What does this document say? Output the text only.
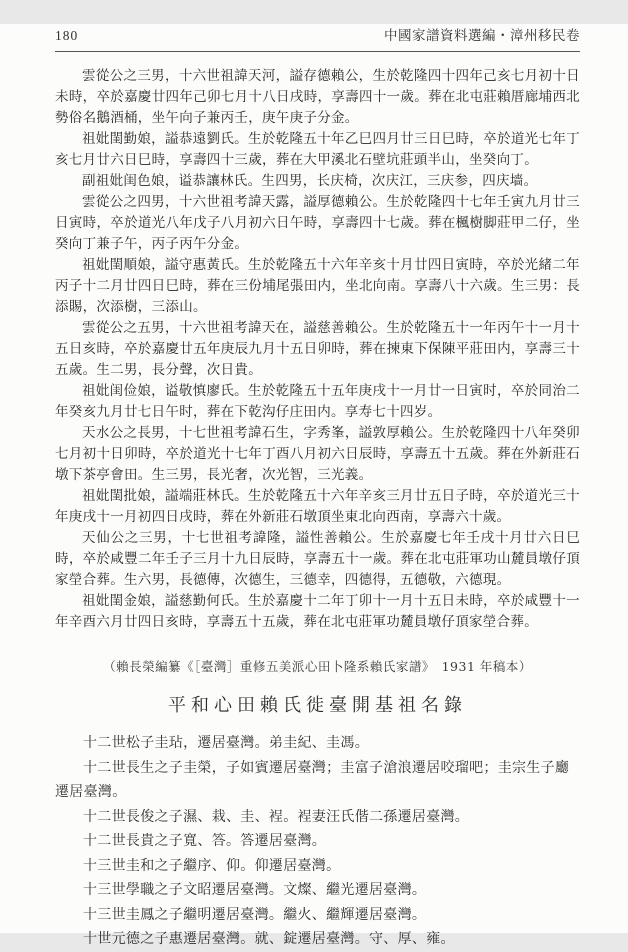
180	中國家譜資料選編・漳州移民卷

雲從公之三男，十六世祖諱天河，謚存德賴公，生於乾隆四十四年己亥七月初十日未時，卒於嘉慶廿四年己卯七月十八日戌時，享壽四十一歲。葬在北屯莊賴厝廊埔西北勢俗名鵝酒桶，坐午向子兼丙壬，庚午庚子分金。

祖妣閨勤娘，謚恭遠劉氏。生於乾隆五十年乙巳四月廿三日巳時，卒於道光七年丁亥七月廿六日巳時，享壽四十三歲，葬在大甲溪北石壁坑莊頭半山，坐癸向丁。

副祖妣闺色娘，谥恭讓林氏。生四男，长庆椅，次庆江，三庆参，四庆墙。

雲從公之四男，十六世祖考諱天露，謚厚德賴公。生於乾隆四十七年壬寅九月廿三日寅時，卒於道光八年戊子八月初六日午時，享壽四十七歲。葬在楓樹脚莊甲二仔，坐癸向丁兼子午，丙子丙午分金。

祖妣閨順娘，謚守惠黃氏。生於乾隆五十六年辛亥十月廿四日寅時，卒於光緒二年丙子十二月廿四日巳時，葬在三份埔尾張田内，坐北向南。享壽八十六歲。生三男：長添賜，次添樹，三添山。

雲從公之五男，十六世祖考諱天在，謚慈善賴公。生於乾隆五十一年丙午十一月十五日亥時，卒於嘉慶廿五年庚辰九月十五日卯時，葬在揀東下保陳平莊田内，享壽三十五歲。生二男，長分聲，次日貴。

祖妣闺俭娘，谥敬慎廖氏。生於乾隆五十五年庚戌十一月廿一日寅时，卒於同治二年癸亥九月廿七日午时，葬在下乾沟仔庄田内。享寿七十四岁。

天水公之長男，十七世祖考諱石生，字秀峯，謚敦厚賴公。生於乾隆四十八年癸卯七月初十日卯時，卒於道光十七年丁酉八月初六日辰時，享壽五十五歲。葬在外新莊石墩下茶亭會田。生三男，長光奢，次光智，三光義。

祖妣閨批娘，謚端莊林氏。生於乾隆五十六年辛亥三月廿五日子時，卒於道光三十年庚戌十一月初四日戌時，葬在外新莊石墩頂坐東北向西南，享壽六十歲。

天仙公之三男，十七世祖考諱隆，謚性善賴公。生於嘉慶七年壬戌十月廿六日巳時，卒於咸豐二年壬子三月十九日辰時，享壽五十一歲。葬在北屯莊軍功山麓員墩仔頂家塋合葬。生六男，長德傳，次德生，三德幸，四德得，五德敬，六德現。

祖妣閨金娘，謚慈勤何氏。生於嘉慶十二年丁卯十一月十五日未時，卒於咸豐十一年辛酉六月廿四日亥時，享壽五十五歲，葬在北屯莊軍功麓員墩仔頂家塋合葬。

（賴長榮編纂《［臺灣］重修五美派心田卜隆系賴氏家譜》　1931 年稿本）
平和心田賴氏徙臺開基祖名錄

十二世松子圭玷，遷居臺灣。弟圭紀、圭馮。

十二世長生之子圭榮，子如賓遷居臺灣；圭富子滄浪遷居咬瑠吧；圭宗生子廳遷居臺灣。

十二世長俊之子濕、栽、圭、裎。裎妻汪氏偕二孫遷居臺灣。

十二世長貴之子寬、答。答遷居臺灣。

十三世圭和之子繼序、仰。仰遷居臺灣。

十三世學職之子文昭遷居臺灣。文燦、繼光遷居臺灣。

十三世圭鳳之子繼明遷居臺灣。繼火、繼輝遷居臺灣。

十世元德之子惠遷居臺灣。就、錠遷居臺灣。守、厚、雍。
